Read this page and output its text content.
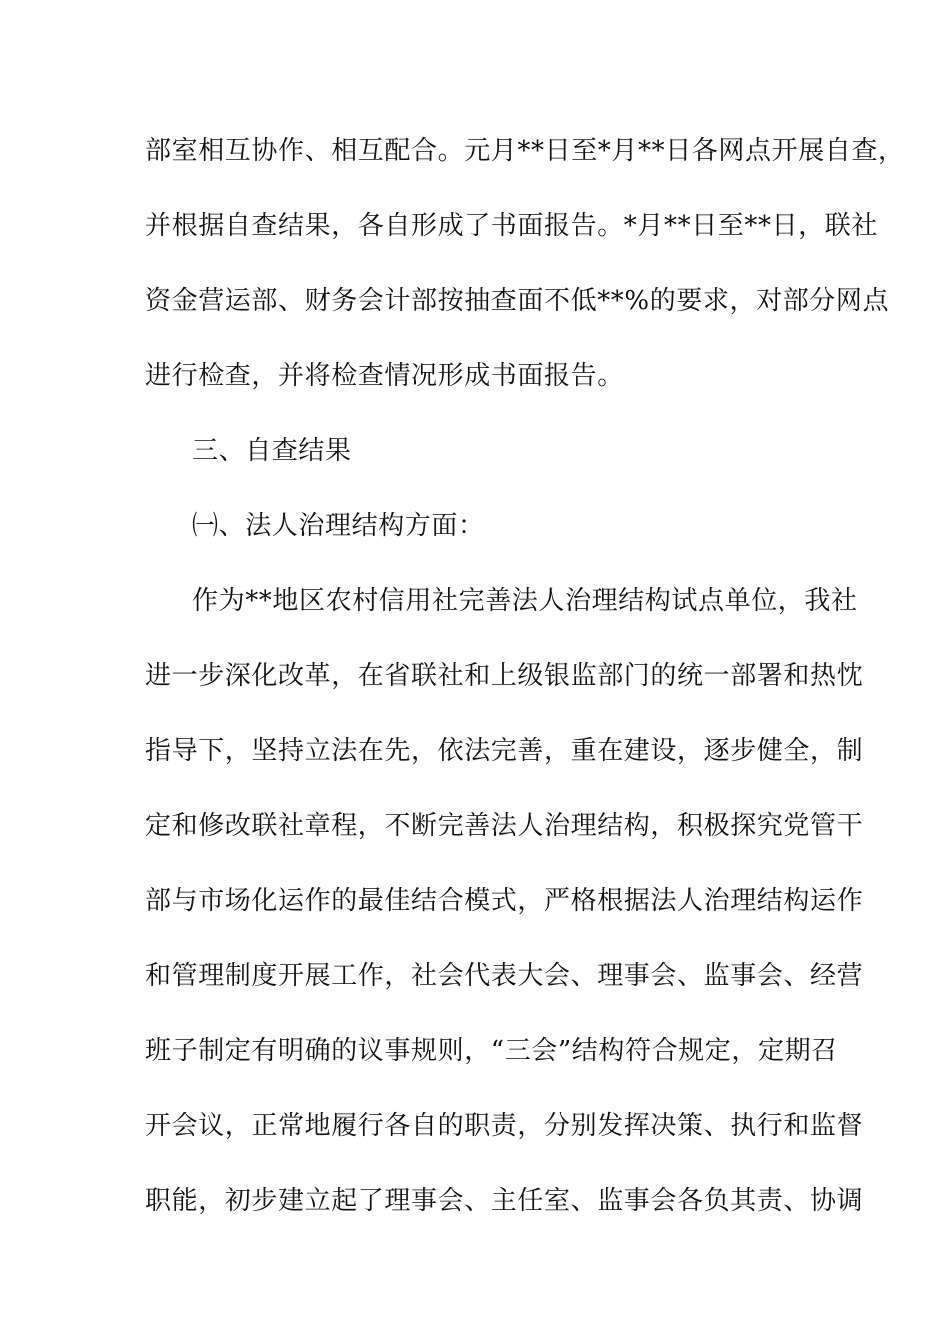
部室相互协作、相互配合。元月**日至*月**日各网点开展自查，
并根据自查结果，各自形成了书面报告。*月**日至**日，联社
资金营运部、财务会计部按抽查面不低**%的要求，对部分网点
进行检查，并将检查情况形成书面报告。
三、自查结果
㈠、法人治理结构方面：
作为**地区农村信用社完善法人治理结构试点单位，我社
进一步深化改革，在省联社和上级银监部门的统一部署和热忱
指导下，坚持立法在先，依法完善，重在建设，逐步健全，制
定和修改联社章程，不断完善法人治理结构，积极探究党管干
部与市场化运作的最佳结合模式，严格根据法人治理结构运作
和管理制度开展工作，社会代表大会、理事会、监事会、经营
班子制定有明确的议事规则，“三会”结构符合规定，定期召
开会议，正常地履行各自的职责，分别发挥决策、执行和监督
职能，初步建立起了理事会、主任室、监事会各负其责、协调
